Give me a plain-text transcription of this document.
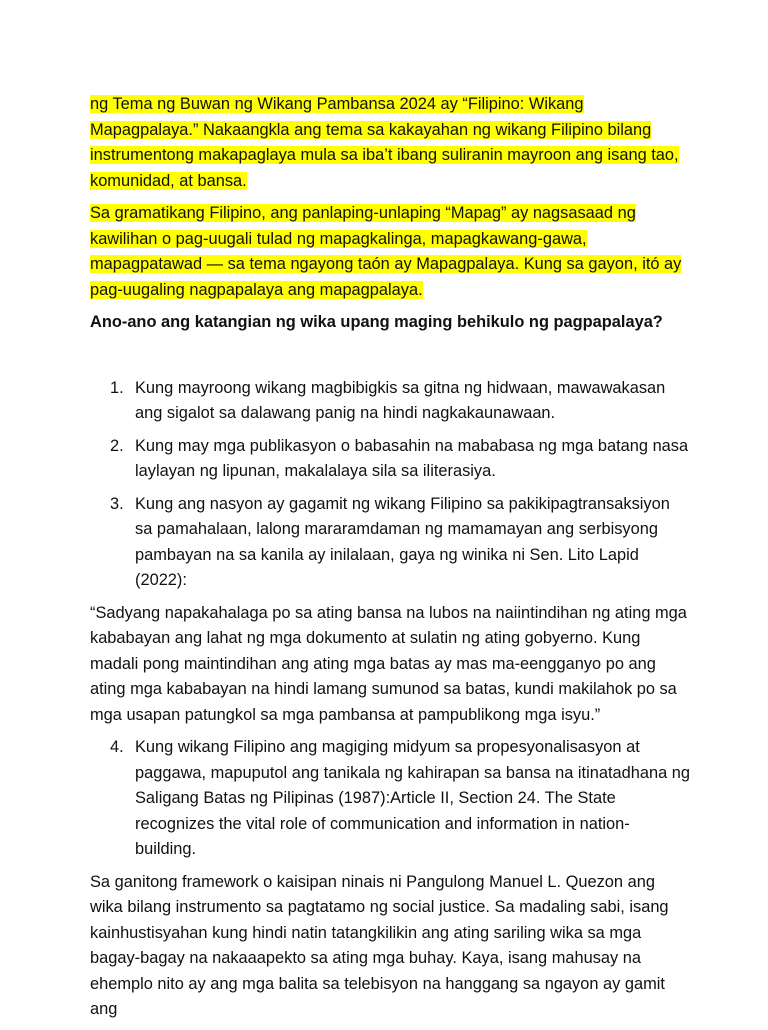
ng Tema ng Buwan ng Wikang Pambansa 2024 ay “Filipino: Wikang Mapagpalaya.” Nakaangkla ang tema sa kakayahan ng wikang Filipino bilang instrumentong makapaglaya mula sa iba’t ibang suliranin mayroon ang isang tao, komunidad, at bansa.

Sa gramatikang Filipino, ang panlaping-unlaping “Mapag” ay nagsasaad ng kawilihan o pag-uugali tulad ng mapagkalinga, mapagkawang-gawa, mapagpatawad — sa tema ngayong taón ay Mapagpalaya. Kung sa gayon, itó ay pag-uugaling nagpapalaya ang mapagpalaya.

Ano-ano ang katangian ng wika upang maging behikulo ng pagpapalaya?

1. Kung mayroong wikang magbibigkis sa gitna ng hidwaan, mawawakasan ang sigalot sa dalawang panig na hindi nagkakaunawaan.
2. Kung may mga publikasyon o babasahin na mababasa ng mga batang nasa laylayan ng lipunan, makalalaya sila sa iliterasiya.
3. Kung ang nasyon ay gagamit ng wikang Filipino sa pakikipagtransaksiyon sa pamahalaan, lalong mararamdaman ng mamamayan ang serbisyong pambayan na sa kanila ay inilalaan, gaya ng winika ni Sen. Lito Lapid (2022):

“Sadyang napakahalaga po sa ating bansa na lubos na naiintindihan ng ating mga kababayan ang lahat ng mga dokumento at sulatin ng ating gobyerno. Kung madali pong maintindihan ang ating mga batas ay mas ma-eengganyo po ang ating mga kababayan na hindi lamang sumunod sa batas, kundi makilahok po sa mga usapan patungkol sa mga pambansa at pampublikong mga isyu.”

4. Kung wikang Filipino ang magiging midyum sa propesyonalisasyon at paggawa, mapuputol ang tanikala ng kahirapan sa bansa na itinatadhana ng Saligang Batas ng Pilipinas (1987):Article II, Section 24. The State recognizes the vital role of communication and information in nation-building.

Sa ganitong framework o kaisipan ninais ni Pangulong Manuel L. Quezon ang wika bilang instrumento sa pagtatamo ng social justice. Sa madaling sabi, isang kainhustisyahan kung hindi natin tatangkilikin ang ating sariling wika sa mga bagay-bagay na nakaaapekto sa ating mga buhay. Kaya, isang mahusay na ehemplo nito ay ang mga balita sa telebisyon na hanggang sa ngayon ay gamit ang
